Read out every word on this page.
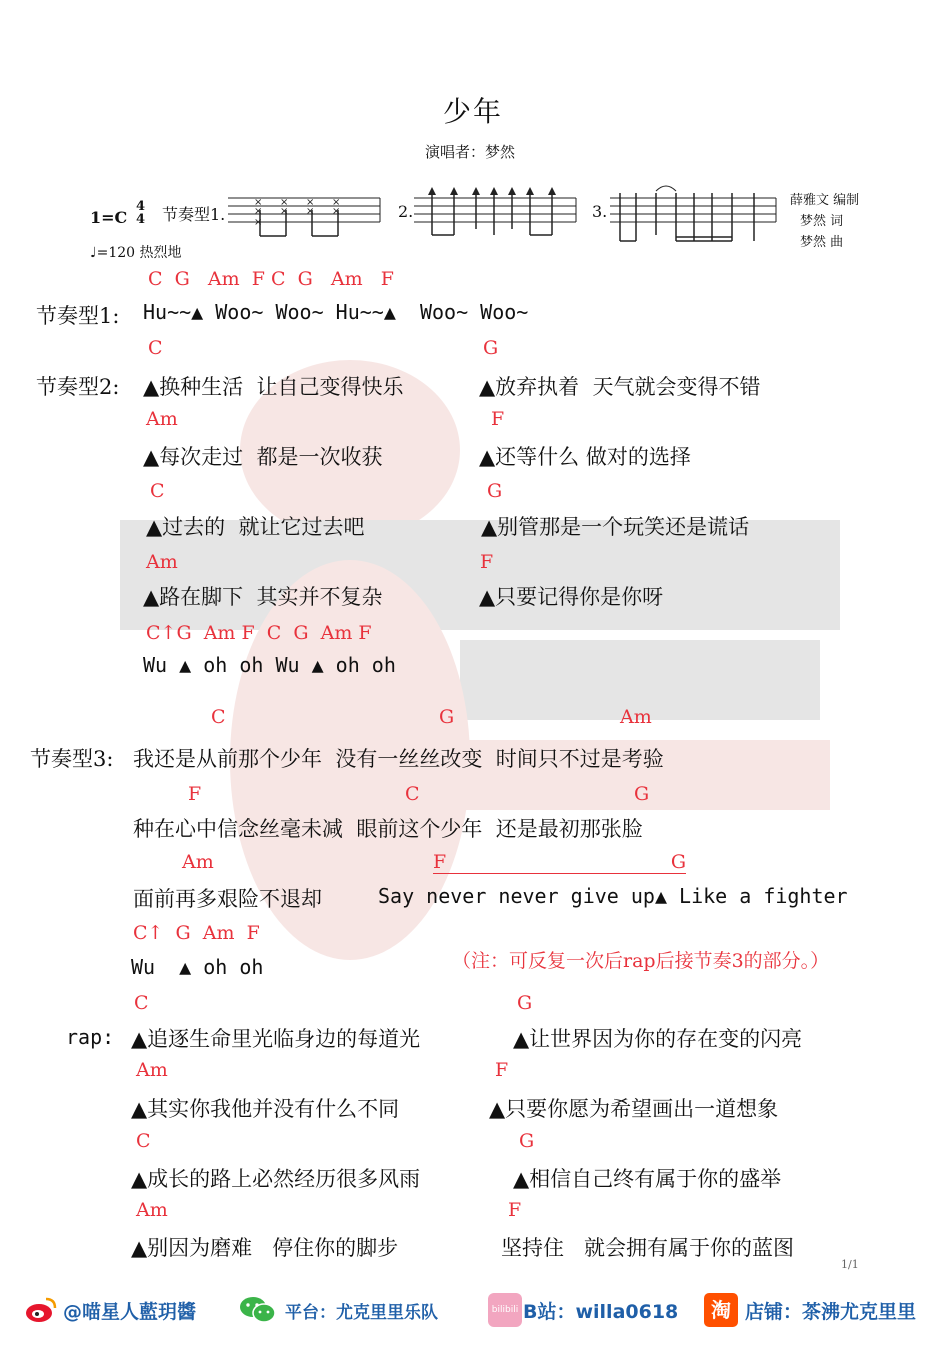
少年
演唱者：梦然
1=C
4
4
♩=120 热烈地
节奏型1.	2.	3.
×
×
×
×
×
×
×
×
×
薛雅文 编制
梦然 词
梦然 曲
C  G   Am  F C  G   Am   F
节奏型1: Hu~~▲ Woo~ Woo~ Hu~~▲  Woo~ Woo~
C	G
节奏型2: ▲换种生活  让自己变得快乐	▲放弃执着  天气就会变得不错
Am	F
▲每次走过  都是一次收获	▲还等什么 做对的选择
C	G
▲过去的  就让它过去吧	▲别管那是一个玩笑还是谎话
Am	F
▲路在脚下  其实并不复杂	▲只要记得你是你呀
C↑G  Am F  C  G  Am F
Wu ▲ oh oh Wu ▲ oh oh
C	G	Am
节奏型3: 我还是从前那个少年  没有一丝丝改变  时间只不过是考验
F	C	G
种在心中信念丝毫未减  眼前这个少年  还是最初那张脸
Am	F	G
面前再多艰险不退却	Say never never give up▲ Like a fighter
C↑  G  Am  F
Wu  ▲ oh oh	（注：可反复一次后rap后接节奏3的部分。）
C	G
rap: ▲追逐生命里光临身边的每道光	▲让世界因为你的存在变的闪亮
Am	F
▲其实你我他并没有什么不同	▲只要你愿为希望画出一道想象
C	G
▲成长的路上必然经历很多风雨	▲相信自己终有属于你的盛举
Am	F
▲别因为磨难   停住你的脚步	坚持住   就会拥有属于你的蓝图
1/1
@喵星人藍玥醬	平台：尤克里里乐队	bilibili B站：willa0618	淘 店铺：茶沸尤克里里
